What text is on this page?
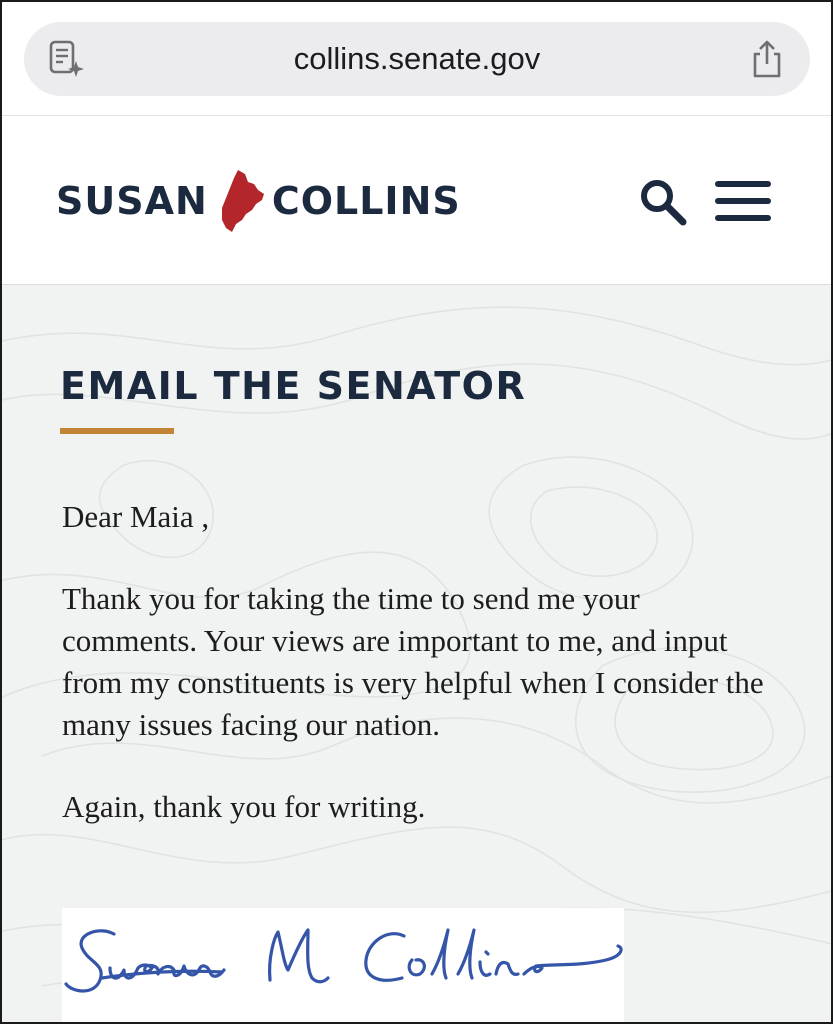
collins.senate.gov
SUSAN COLLINS
EMAIL THE SENATOR

Dear Maia ,

Thank you for taking the time to send me your comments. Your views are important to me, and input from my constituents is very helpful when I consider the many issues facing our nation.

Again, thank you for writing.
